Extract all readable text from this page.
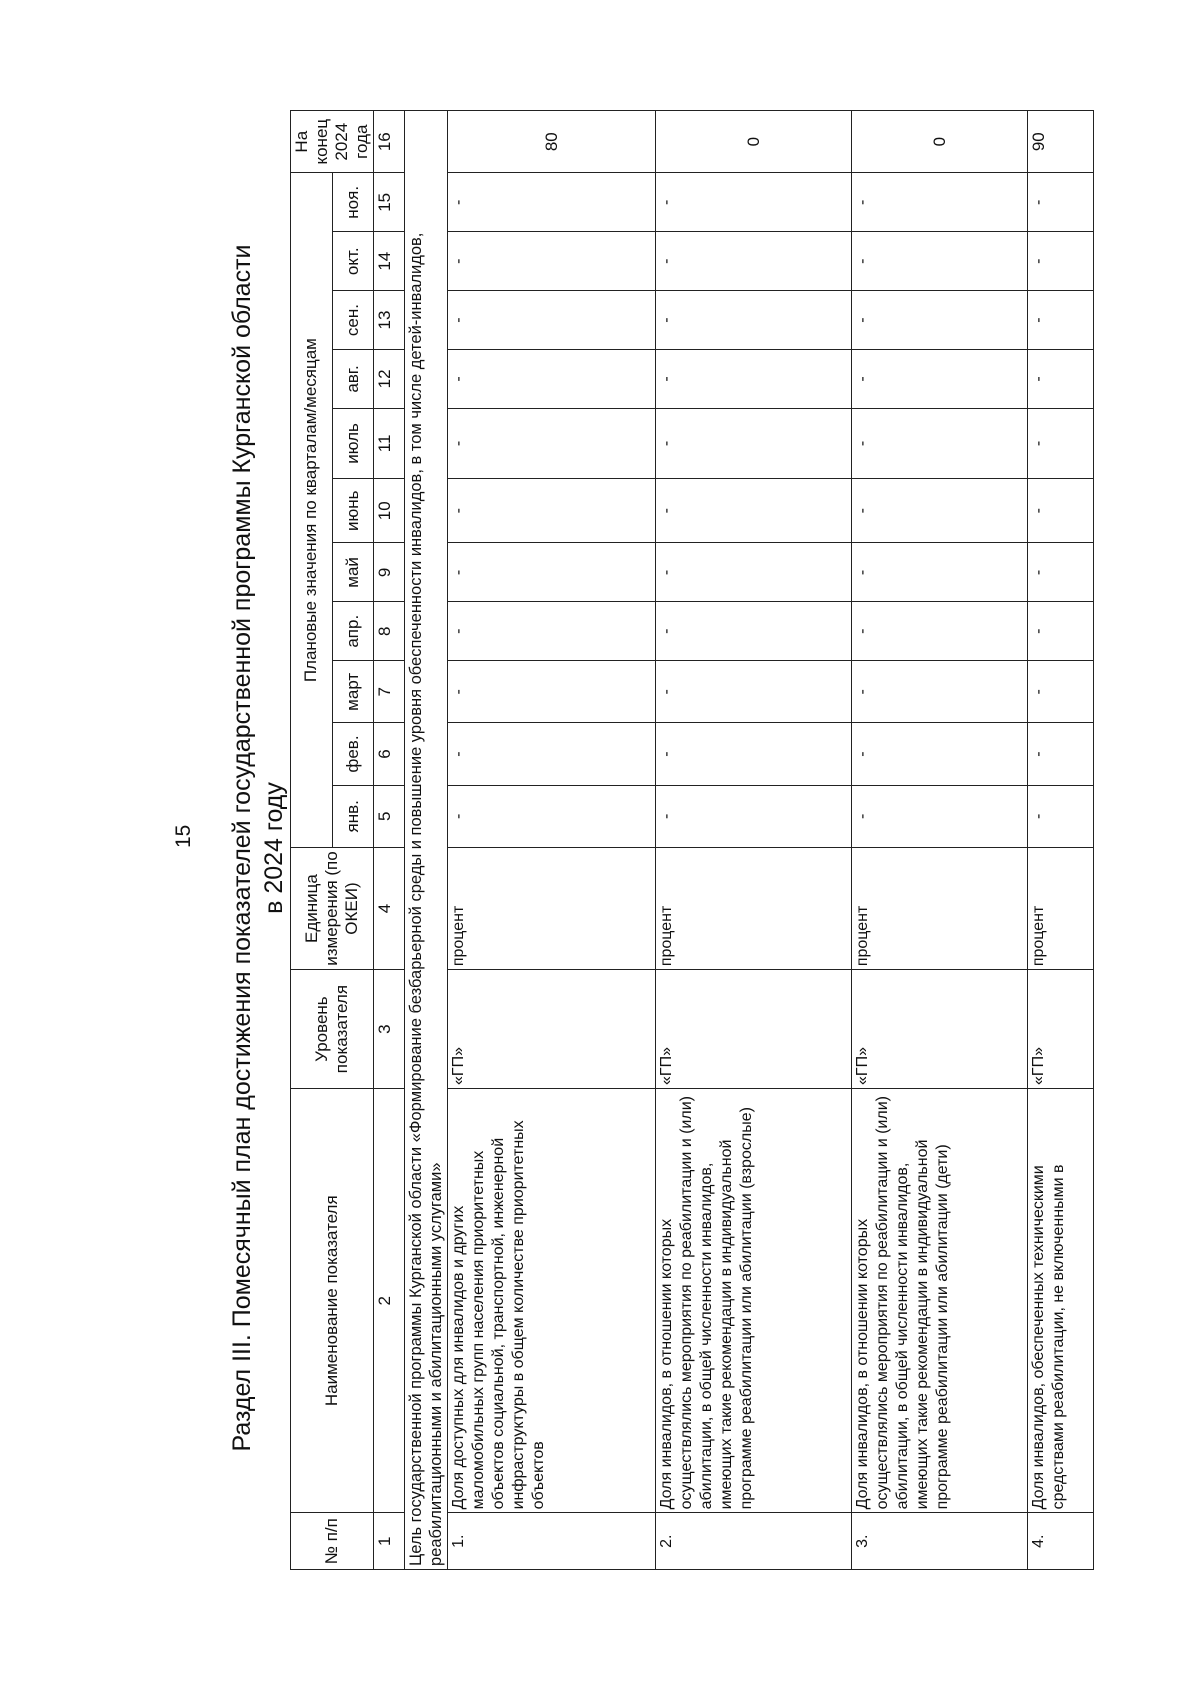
15 Раздел III. Помесячный план достижения показателей государственной программы Курганской области в 2024 году
№ п/п	Наименование показателя	Уровень показателя	Единица измерения (по ОКЕИ)	Плановые значения по кварталам/месяцам											На конец 2024 года
				янв.	фев.	март	апр.	май	июнь	июль	авг.	сен.	окт.	ноя.	
1	2	3	4	5	6	7	8	9	10	11	12	13	14	15	16
Цель государственной программы Курганской области «Формирование безбарьерной среды и повышение уровня обеспеченности инвалидов, в том числе детей-инвалидов, реабилитационными и абилитационными услугами»															
1.	Доля доступных для инвалидов и других маломобильных групп населения приоритетных объектов социальной, транспортной, инженерной инфраструктуры в общем количестве приоритетных объектов	«ГП»	процент	-	-	-	-	-	-	-	-	-	-	-	80
2.	Доля инвалидов, в отношении которых осуществлялись мероприятия по реабилитации и (или) абилитации, в общей численности инвалидов, имеющих такие рекомендации в индивидуальной программе реабилитации или абилитации (взрослые)	«ГП»	процент	-	-	-	-	-	-	-	-	-	-	-	0
3.	Доля инвалидов, в отношении которых осуществлялись мероприятия по реабилитации и (или) абилитации, в общей численности инвалидов, имеющих такие рекомендации в индивидуальной программе реабилитации или абилитации (дети)	«ГП»	процент	-	-	-	-	-	-	-	-	-	-	-	0
4.	Доля инвалидов, обеспеченных техническими средствами реабилитации, не включенными в	«ГП»	процент	-	-	-	-	-	-	-	-	-	-	-	90
